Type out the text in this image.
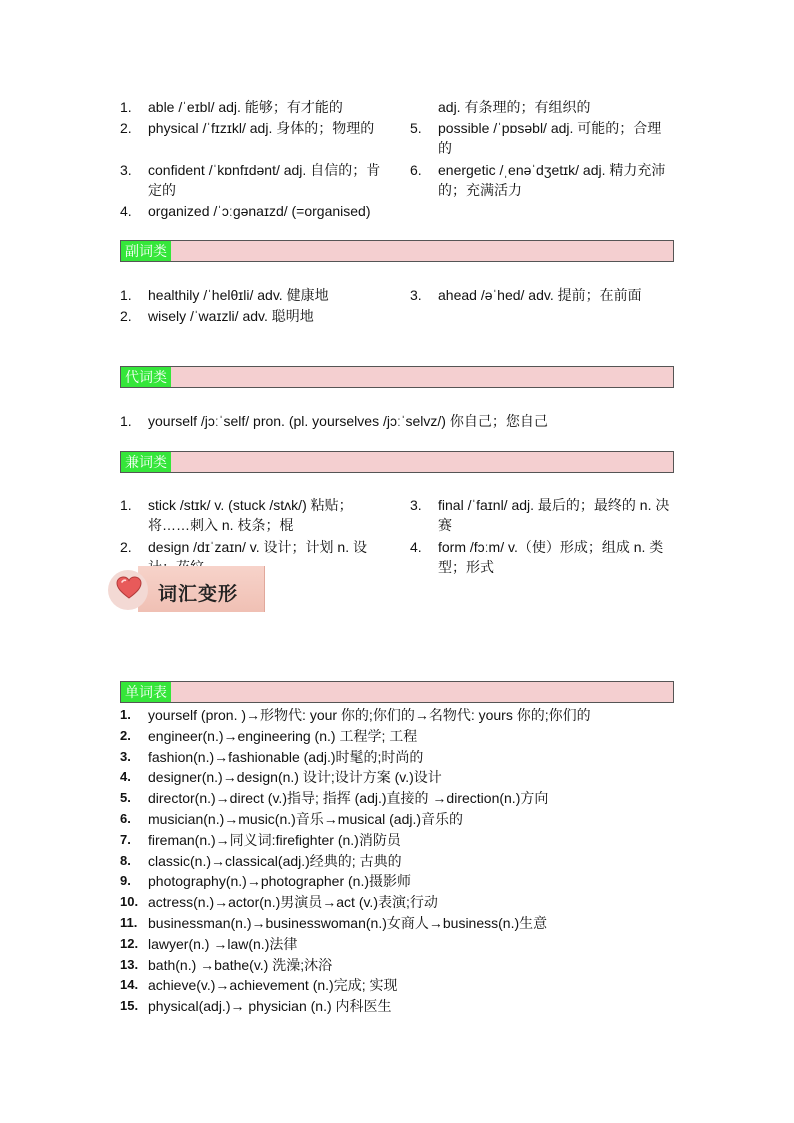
1.	able /ˈeɪbl/ adj. 能够；有才能的
2.	physical /ˈfɪzɪkl/ adj. 身体的；物理的
3.	confident /ˈkɒnfɪdənt/ adj. 自信的；肯定的
4.	organized /ˈɔːɡənaɪzd/ (=organised)
adj. 有条理的；有组织的
5.	possible /ˈpɒsəbl/ adj. 可能的；合理的
6.	energetic /ˌenəˈdʒetɪk/ adj. 精力充沛的；充满活力
副词类
1.	healthily /ˈhelθɪli/ adv. 健康地
2.	wisely /ˈwaɪzli/ adv. 聪明地
3.	ahead /əˈhed/ adv. 提前；在前面
代词类
1.	yourself /jɔːˈself/ pron. (pl. yourselves /jɔːˈselvz/) 你自己；您自己
兼词类
1.	stick /stɪk/ v. (stuck /stʌk/) 粘贴；将……刺入 n. 枝条；棍
2.	design /dɪˈzaɪn/ v. 设计；计划 n. 设
3.	final /ˈfaɪnl/ adj. 最后的；最终的 n. 决赛
4.	form /fɔːm/ v.（使）形成；组成 n. 类型；形式
词汇变形
单词表
1.	yourself (pron. )→形物代: your 你的;你们的→名物代: yours 你的;你们的
2.	engineer(n.)→engineering (n.) 工程学; 工程
3.	fashion(n.)→fashionable (adj.)时髦的;时尚的
4.	designer(n.)→design(n.) 设计;设计方案 (v.)设计
5.	director(n.)→direct (v.)指导; 指挥 (adj.)直接的 →direction(n.)方向
6.	musician(n.)→music(n.)音乐→musical (adj.)音乐的
7.	fireman(n.)→同义词:firefighter (n.)消防员
8.	classic(n.)→classical(adj.)经典的; 古典的
9.	photography(n.)→photographer (n.)摄影师
10. actress(n.)→actor(n.)男演员→act (v.)表演;行动
11. businessman(n.)→businesswoman(n.)女商人→business(n.)生意
12. lawyer(n.) →law(n.)法律
13. bath(n.) →bathe(v.) 洗澡;沐浴
14. achieve(v.)→achievement (n.)完成; 实现
15. physical(adj.)→ physician (n.) 内科医生
